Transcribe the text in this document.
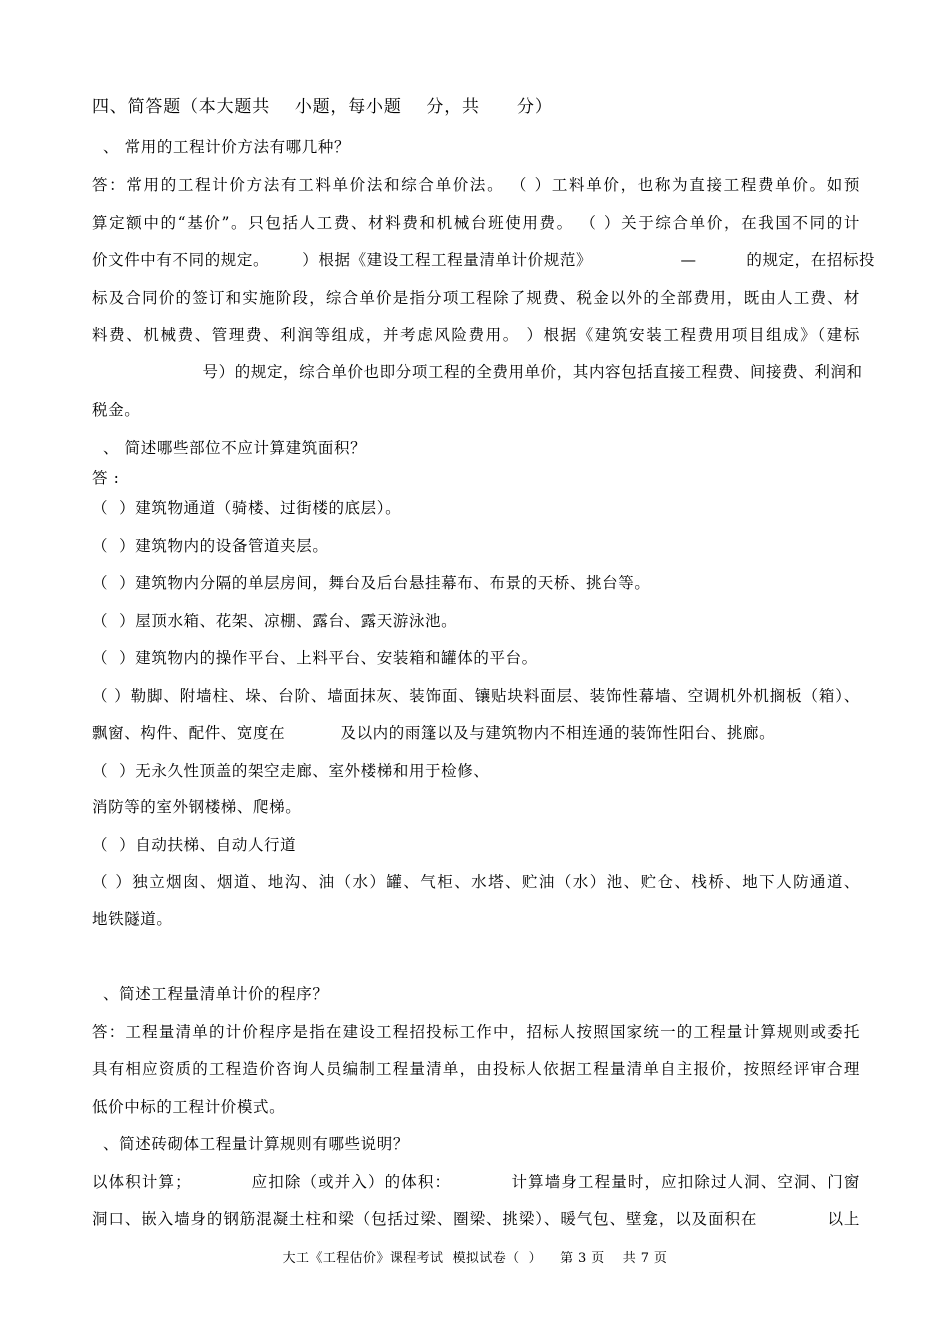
四、简答题（本大题共    小题，每小题    分，共      分）
、 常用的工程计价方法有哪几种？
答：常用的工程计价方法有工料单价法和综合单价法。 （ ）工料单价，也称为直接工程费单价。如预
算定额中的“基价”。只包括人工费、材料费和机械台班使用费。 （ ）关于综合单价，在我国不同的计
价文件中有不同的规定。      ）根据《建设工程工程量清单计价规范》                —         的规定，在招标投
标及合同价的签订和实施阶段，综合单价是指分项工程除了规费、税金以外的全部费用，既由人工费、材
料费、机械费、管理费、利润等组成，并考虑风险费用。 ）根据《建筑安装工程费用项目组成》（建标
号）的规定，综合单价也即分项工程的全费用单价，其内容包括直接工程费、间接费、利润和
税金。
、 简述哪些部位不应计算建筑面积？
答 :
（  ）建筑物通道（骑楼、过街楼的底层）。
（  ）建筑物内的设备管道夹层。
（  ）建筑物内分隔的单层房间，舞台及后台悬挂幕布、布景的天桥、挑台等。
（  ）屋顶水箱、花架、凉棚、露台、露天游泳池。
（  ）建筑物内的操作平台、上料平台、安装箱和罐体的平台。
（ ）勒脚、附墙柱、垛、台阶、墙面抹灰、装饰面、镶贴块料面层、装饰性幕墙、空调机外机搁板（箱）、
飘窗、构件、配件、宽度在          及以内的雨篷以及与建筑物内不相连通的装饰性阳台、挑廊。
（  ）无永久性顶盖的架空走廊、室外楼梯和用于检修、
消防等的室外钢楼梯、爬梯。
（  ）自动扶梯、自动人行道
（ ）独立烟囱、烟道、地沟、油（水）罐、气柜、水塔、贮油（水）池、贮仓、栈桥、地下人防通道、
地铁隧道。
、简述工程量清单计价的程序？
答：工程量清单的计价程序是指在建设工程招投标工作中，招标人按照国家统一的工程量计算规则或委托
具有相应资质的工程造价咨询人员编制工程量清单，由投标人依据工程量清单自主报价，按照经评审合理
低价中标的工程计价模式。
、简述砖砌体工程量计算规则有哪些说明？
以体积计算；          应扣除（或并入）的体积：          计算墙身工程量时，应扣除过人洞、空洞、门窗
洞口、嵌入墙身的钢筋混凝土柱和梁（包括过梁、圈梁、挑梁）、暖气包、壁龛，以及面积在            以上
大工《工程估价》课程考试  模拟试卷（  ）    第 3 页    共 7 页
